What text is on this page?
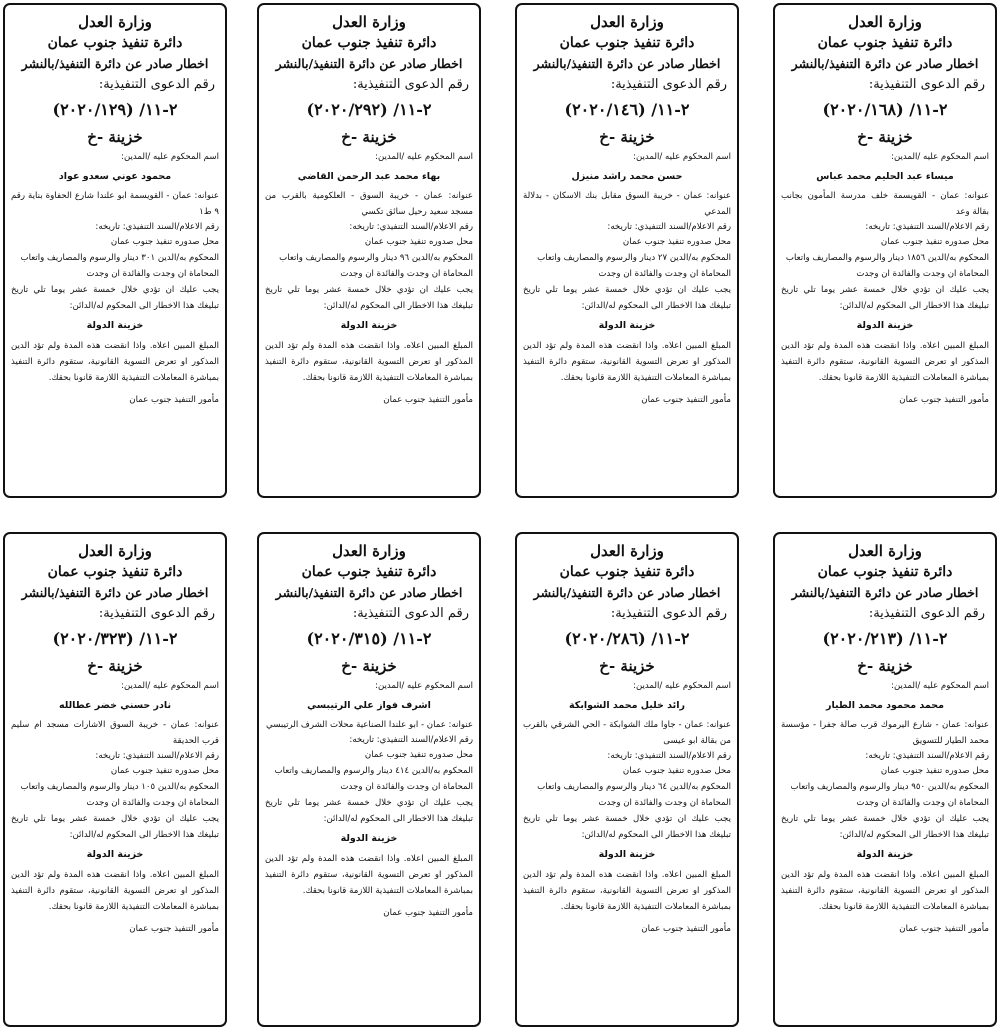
وزارة العدل
دائرة تنفيذ جنوب عمان
اخطار صادر عن دائرة التنفيذ/بالنشر
رقم الدعوى التنفيذية:
٢-١١/ (٢٠٢٠/١٦٨)
خزينة -خ
اسم المحكوم عليه /المدين:
ميساء عبد الحليم محمد عباس
عنوانه: عمان - القويسمة خلف مدرسة المأمون بجانب بقالة وعد
رقم الاعلام/السند التنفيذي: تاريخه:
محل صدوره تنفيذ جنوب عمان
المحكوم به/الدين ١٨٥٦ دينار والرسوم والمصاريف واتعاب المحاماة ان وجدت والفائدة ان وجدت
يجب عليك ان تؤدي خلال خمسة عشر يوما تلي تاريخ تبليغك هذا الاخطار الى المحكوم له/الدائن:
خزينة الدولة
المبلغ المبين اعلاه. واذا انقضت هذه المدة ولم تؤد الدين المذكور او تعرض التسوية القانونية، ستقوم دائرة التنفيذ بمباشرة المعاملات التنفيذية اللازمة قانونا بحقك.
مأمور التنفيذ جنوب عمان
وزارة العدل
دائرة تنفيذ جنوب عمان
اخطار صادر عن دائرة التنفيذ/بالنشر
رقم الدعوى التنفيذية:
٢-١١/ (٢٠٢٠/١٤٦)
خزينة -خ
اسم المحكوم عليه /المدين:
حسن محمد راشد منيزل
عنوانه: عمان - خريبة السوق مقابل بنك الاسكان - بدلالة المدعي
رقم الاعلام/السند التنفيذي: تاريخه:
محل صدوره تنفيذ جنوب عمان
المحكوم به/الدين ٢٧ دينار والرسوم والمصاريف واتعاب المحاماة ان وجدت والفائدة ان وجدت
يجب عليك ان تؤدي خلال خمسة عشر يوما تلي تاريخ تبليغك هذا الاخطار الى المحكوم له/الدائن:
خزينة الدولة
المبلغ المبين اعلاه. واذا انقضت هذه المدة ولم تؤد الدين المذكور او تعرض التسوية القانونية، ستقوم دائرة التنفيذ بمباشرة المعاملات التنفيذية اللازمة قانونا بحقك.
مأمور التنفيذ جنوب عمان
وزارة العدل
دائرة تنفيذ جنوب عمان
اخطار صادر عن دائرة التنفيذ/بالنشر
رقم الدعوى التنفيذية:
٢-١١/ (٢٠٢٠/٢٩٢)
خزينة -خ
اسم المحكوم عليه /المدين:
بهاء محمد عبد الرحمن القاضي
عنوانه: عمان - خريبة السوق - العلكومية بالقرب من مسجد سعيد رحيل سائق تكسي
رقم الاعلام/السند التنفيذي: تاريخه:
محل صدوره تنفيذ جنوب عمان
المحكوم به/الدين ٩٦ دينار والرسوم والمصاريف واتعاب المحاماة ان وجدت والفائدة ان وجدت
يجب عليك ان تؤدي خلال خمسة عشر يوما تلي تاريخ تبليغك هذا الاخطار الى المحكوم له/الدائن:
خزينة الدولة
المبلغ المبين اعلاه. واذا انقضت هذه المدة ولم تؤد الدين المذكور او تعرض التسوية القانونية، ستقوم دائرة التنفيذ بمباشرة المعاملات التنفيذية اللازمة قانونا بحقك.
مأمور التنفيذ جنوب عمان
وزارة العدل
دائرة تنفيذ جنوب عمان
اخطار صادر عن دائرة التنفيذ/بالنشر
رقم الدعوى التنفيذية:
٢-١١/ (٢٠٢٠/١٢٩)
خزينة -خ
اسم المحكوم عليه /المدين:
محمود عوني سعدو عواد
عنوانه: عمان - القويسمة ابو علندا شارع الحفاوة بناية رقم ٩ ط١
رقم الاعلام/السند التنفيذي: تاريخه:
محل صدوره تنفيذ جنوب عمان
المحكوم به/الدين ٣٠١ دينار والرسوم والمصاريف واتعاب المحاماة ان وجدت والفائدة ان وجدت
يجب عليك ان تؤدي خلال خمسة عشر يوما تلي تاريخ تبليغك هذا الاخطار الى المحكوم له/الدائن:
خزينة الدولة
المبلغ المبين اعلاه. واذا انقضت هذه المدة ولم تؤد الدين المذكور او تعرض التسوية القانونية، ستقوم دائرة التنفيذ بمباشرة المعاملات التنفيذية اللازمة قانونا بحقك.
مأمور التنفيذ جنوب عمان
وزارة العدل
دائرة تنفيذ جنوب عمان
اخطار صادر عن دائرة التنفيذ/بالنشر
رقم الدعوى التنفيذية:
٢-١١/ (٢٠٢٠/٢١٣)
خزينة -خ
اسم المحكوم عليه /المدين:
محمد محمود محمد الطيار
عنوانه: عمان - شارع اليرموك قرب صالة جفرا - مؤسسة محمد الطيار للتسويق
رقم الاعلام/السند التنفيذي: تاريخه:
محل صدوره تنفيذ جنوب عمان
المحكوم به/الدين ٩٥٠ دينار والرسوم والمصاريف واتعاب المحاماة ان وجدت والفائدة ان وجدت
يجب عليك ان تؤدي خلال خمسة عشر يوما تلي تاريخ تبليغك هذا الاخطار الى المحكوم له/الدائن:
خزينة الدولة
المبلغ المبين اعلاه. واذا انقضت هذه المدة ولم تؤد الدين المذكور او تعرض التسوية القانونية، ستقوم دائرة التنفيذ بمباشرة المعاملات التنفيذية اللازمة قانونا بحقك.
مأمور التنفيذ جنوب عمان
وزارة العدل
دائرة تنفيذ جنوب عمان
اخطار صادر عن دائرة التنفيذ/بالنشر
رقم الدعوى التنفيذية:
٢-١١/ (٢٠٢٠/٢٨٦)
خزينة -خ
اسم المحكوم عليه /المدين:
رائد خليل محمد الشوابكة
عنوانه: عمان - جاوا ملك الشوابكة - الحي الشرقي بالقرب من بقالة ابو عيسى
رقم الاعلام/السند التنفيذي: تاريخه:
محل صدوره تنفيذ جنوب عمان
المحكوم به/الدين ٦٤ دينار والرسوم والمصاريف واتعاب المحاماة ان وجدت والفائدة ان وجدت
يجب عليك ان تؤدي خلال خمسة عشر يوما تلي تاريخ تبليغك هذا الاخطار الى المحكوم له/الدائن:
خزينة الدولة
المبلغ المبين اعلاه. واذا انقضت هذه المدة ولم تؤد الدين المذكور او تعرض التسوية القانونية، ستقوم دائرة التنفيذ بمباشرة المعاملات التنفيذية اللازمة قانونا بحقك.
مأمور التنفيذ جنوب عمان
وزارة العدل
دائرة تنفيذ جنوب عمان
اخطار صادر عن دائرة التنفيذ/بالنشر
رقم الدعوى التنفيذية:
٢-١١/ (٢٠٢٠/٣١٥)
خزينة -خ
اسم المحكوم عليه /المدين:
اشرف فواز علي الرتيبسي
عنوانه: عمان - ابو علندا الصناعية محلات الشرف الرتيبسي
رقم الاعلام/السند التنفيذي: تاريخه:
محل صدوره تنفيذ جنوب عمان
المحكوم به/الدين ٤١٤ دينار والرسوم والمصاريف واتعاب المحاماة ان وجدت والفائدة ان وجدت
يجب عليك ان تؤدي خلال خمسة عشر يوما تلي تاريخ تبليغك هذا الاخطار الى المحكوم له/الدائن:
خزينة الدولة
المبلغ المبين اعلاه. واذا انقضت هذه المدة ولم تؤد الدين المذكور او تعرض التسوية القانونية، ستقوم دائرة التنفيذ بمباشرة المعاملات التنفيذية اللازمة قانونا بحقك.
مأمور التنفيذ جنوب عمان
وزارة العدل
دائرة تنفيذ جنوب عمان
اخطار صادر عن دائرة التنفيذ/بالنشر
رقم الدعوى التنفيذية:
٢-١١/ (٢٠٢٠/٣٢٣)
خزينة -خ
اسم المحكوم عليه /المدين:
نادر حسني خضر عطالله
عنوانه: عمان - خريبة السوق الاشارات مسجد ام سليم قرب الحديقة
رقم الاعلام/السند التنفيذي: تاريخه:
محل صدوره تنفيذ جنوب عمان
المحكوم به/الدين ١٠٥ دينار والرسوم والمصاريف واتعاب المحاماة ان وجدت والفائدة ان وجدت
يجب عليك ان تؤدي خلال خمسة عشر يوما تلي تاريخ تبليغك هذا الاخطار الى المحكوم له/الدائن:
خزينة الدولة
المبلغ المبين اعلاه. واذا انقضت هذه المدة ولم تؤد الدين المذكور او تعرض التسوية القانونية، ستقوم دائرة التنفيذ بمباشرة المعاملات التنفيذية اللازمة قانونا بحقك.
مأمور التنفيذ جنوب عمان
